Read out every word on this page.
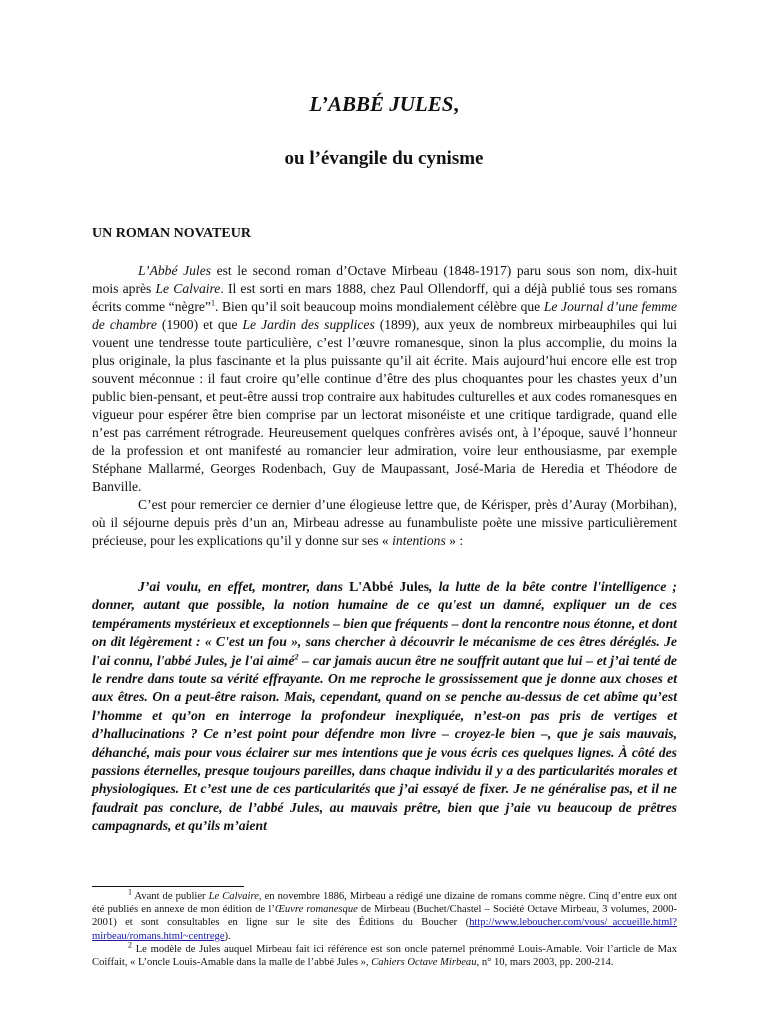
L’ABBÉ JULES,
ou l’évangile du cynisme
UN ROMAN NOVATEUR

L’Abbé Jules est le second roman d’Octave Mirbeau (1848-1917) paru sous son nom, dix-huit mois après Le Calvaire. Il est sorti en mars 1888, chez Paul Ollendorff, qui a déjà publié tous ses romans écrits comme “nègre”$^1$. Bien qu’il soit beaucoup moins mondialement célèbre que Le Journal d’une femme de chambre (1900) et que Le Jardin des supplices (1899), aux yeux de nombreux mirbeauphiles qui lui vouent une tendresse toute particulière, c’est l’œuvre romanesque, sinon la plus accomplie, du moins la plus originale, la plus fascinante et la plus puissante qu’il ait écrite. Mais aujourd’hui encore elle est trop souvent méconnue : il faut croire qu’elle continue d’être des plus choquantes pour les chastes yeux d’un public bien-pensant, et peut-être aussi trop contraire aux habitudes culturelles et aux codes romanesques en vigueur pour espérer être bien comprise par un lectorat misonéiste et une critique tardigrade, quand elle n’est pas carrément rétrograde. Heureusement quelques confrères avisés ont, à l’époque, sauvé l’honneur de la profession et ont manifesté au romancier leur admiration, voire leur enthousiasme, par exemple Stéphane Mallarmé, Georges Rodenbach, Guy de Maupassant, José-Maria de Heredia et Théodore de Banville.

C’est pour remercier ce dernier d’une élogieuse lettre que, de Kérisper, près d’Auray (Morbihan), où il séjourne depuis près d’un an, Mirbeau adresse au funambuliste poète une missive particulièrement précieuse, pour les explications qu’il y donne sur ses « intentions » :

J’ai voulu, en effet, montrer, dans L'Abbé Jules, la lutte de la bête contre l'intelligence ; donner, autant que possible, la notion humaine de ce qu'est un damné, expliquer un de ces tempéraments mystérieux et exceptionnels – bien que fréquents – dont la rencontre nous étonne, et dont on dit légèrement : « C'est un fou », sans chercher à découvrir le mécanisme de ces êtres déréglés. Je l'ai connu, l'abbé Jules, je l'ai aimé$^2$ – car jamais aucun être ne souffrit autant que lui – et j’ai tenté de le rendre dans toute sa vérité effrayante. On me reproche le grossissement que je donne aux choses et aux êtres. On a peut-être raison. Mais, cependant, quand on se penche au-dessus de cet abîme qu’est l’homme et qu’on en interroge la profondeur inexpliquée, n’est-on pas pris de vertiges et d’hallucinations ? Ce n’est point pour défendre mon livre – croyez-le bien –, que je sais mauvais, déhanché, mais pour vous éclairer sur mes intentions que je vous écris ces quelques lignes. À côté des passions éternelles, presque toujours pareilles, dans chaque individu il y a des particularités morales et physiologiques. Et c’est une de ces particularités que j’ai essayé de fixer. Je ne généralise pas, et il ne faudrait pas conclure, de l’abbé Jules, au mauvais prêtre, bien que j’aie vu beaucoup de prêtres campagnards, et qu’ils m’aient

$^1$ Avant de publier Le Calvaire, en novembre 1886, Mirbeau a rédigé une dizaine de romans comme nègre. Cinq d’entre eux ont été publiés en annexe de mon édition de l’Œuvre romanesque de Mirbeau (Buchet/Chastel – Société Octave Mirbeau, 3 volumes, 2000-2001) et sont consultables en ligne sur le site des Éditions du Boucher (http://www.leboucher.com/vous/_accueille.html?mirbeau/romans.html~centrege).

$^2$ Le modèle de Jules auquel Mirbeau fait ici référence est son oncle paternel prénommé Louis-Amable. Voir l’article de Max Coiffait, « L’oncle Louis-Amable dans la malle de l’abbé Jules », Cahiers Octave Mirbeau, n° 10, mars 2003, pp. 200-214.
